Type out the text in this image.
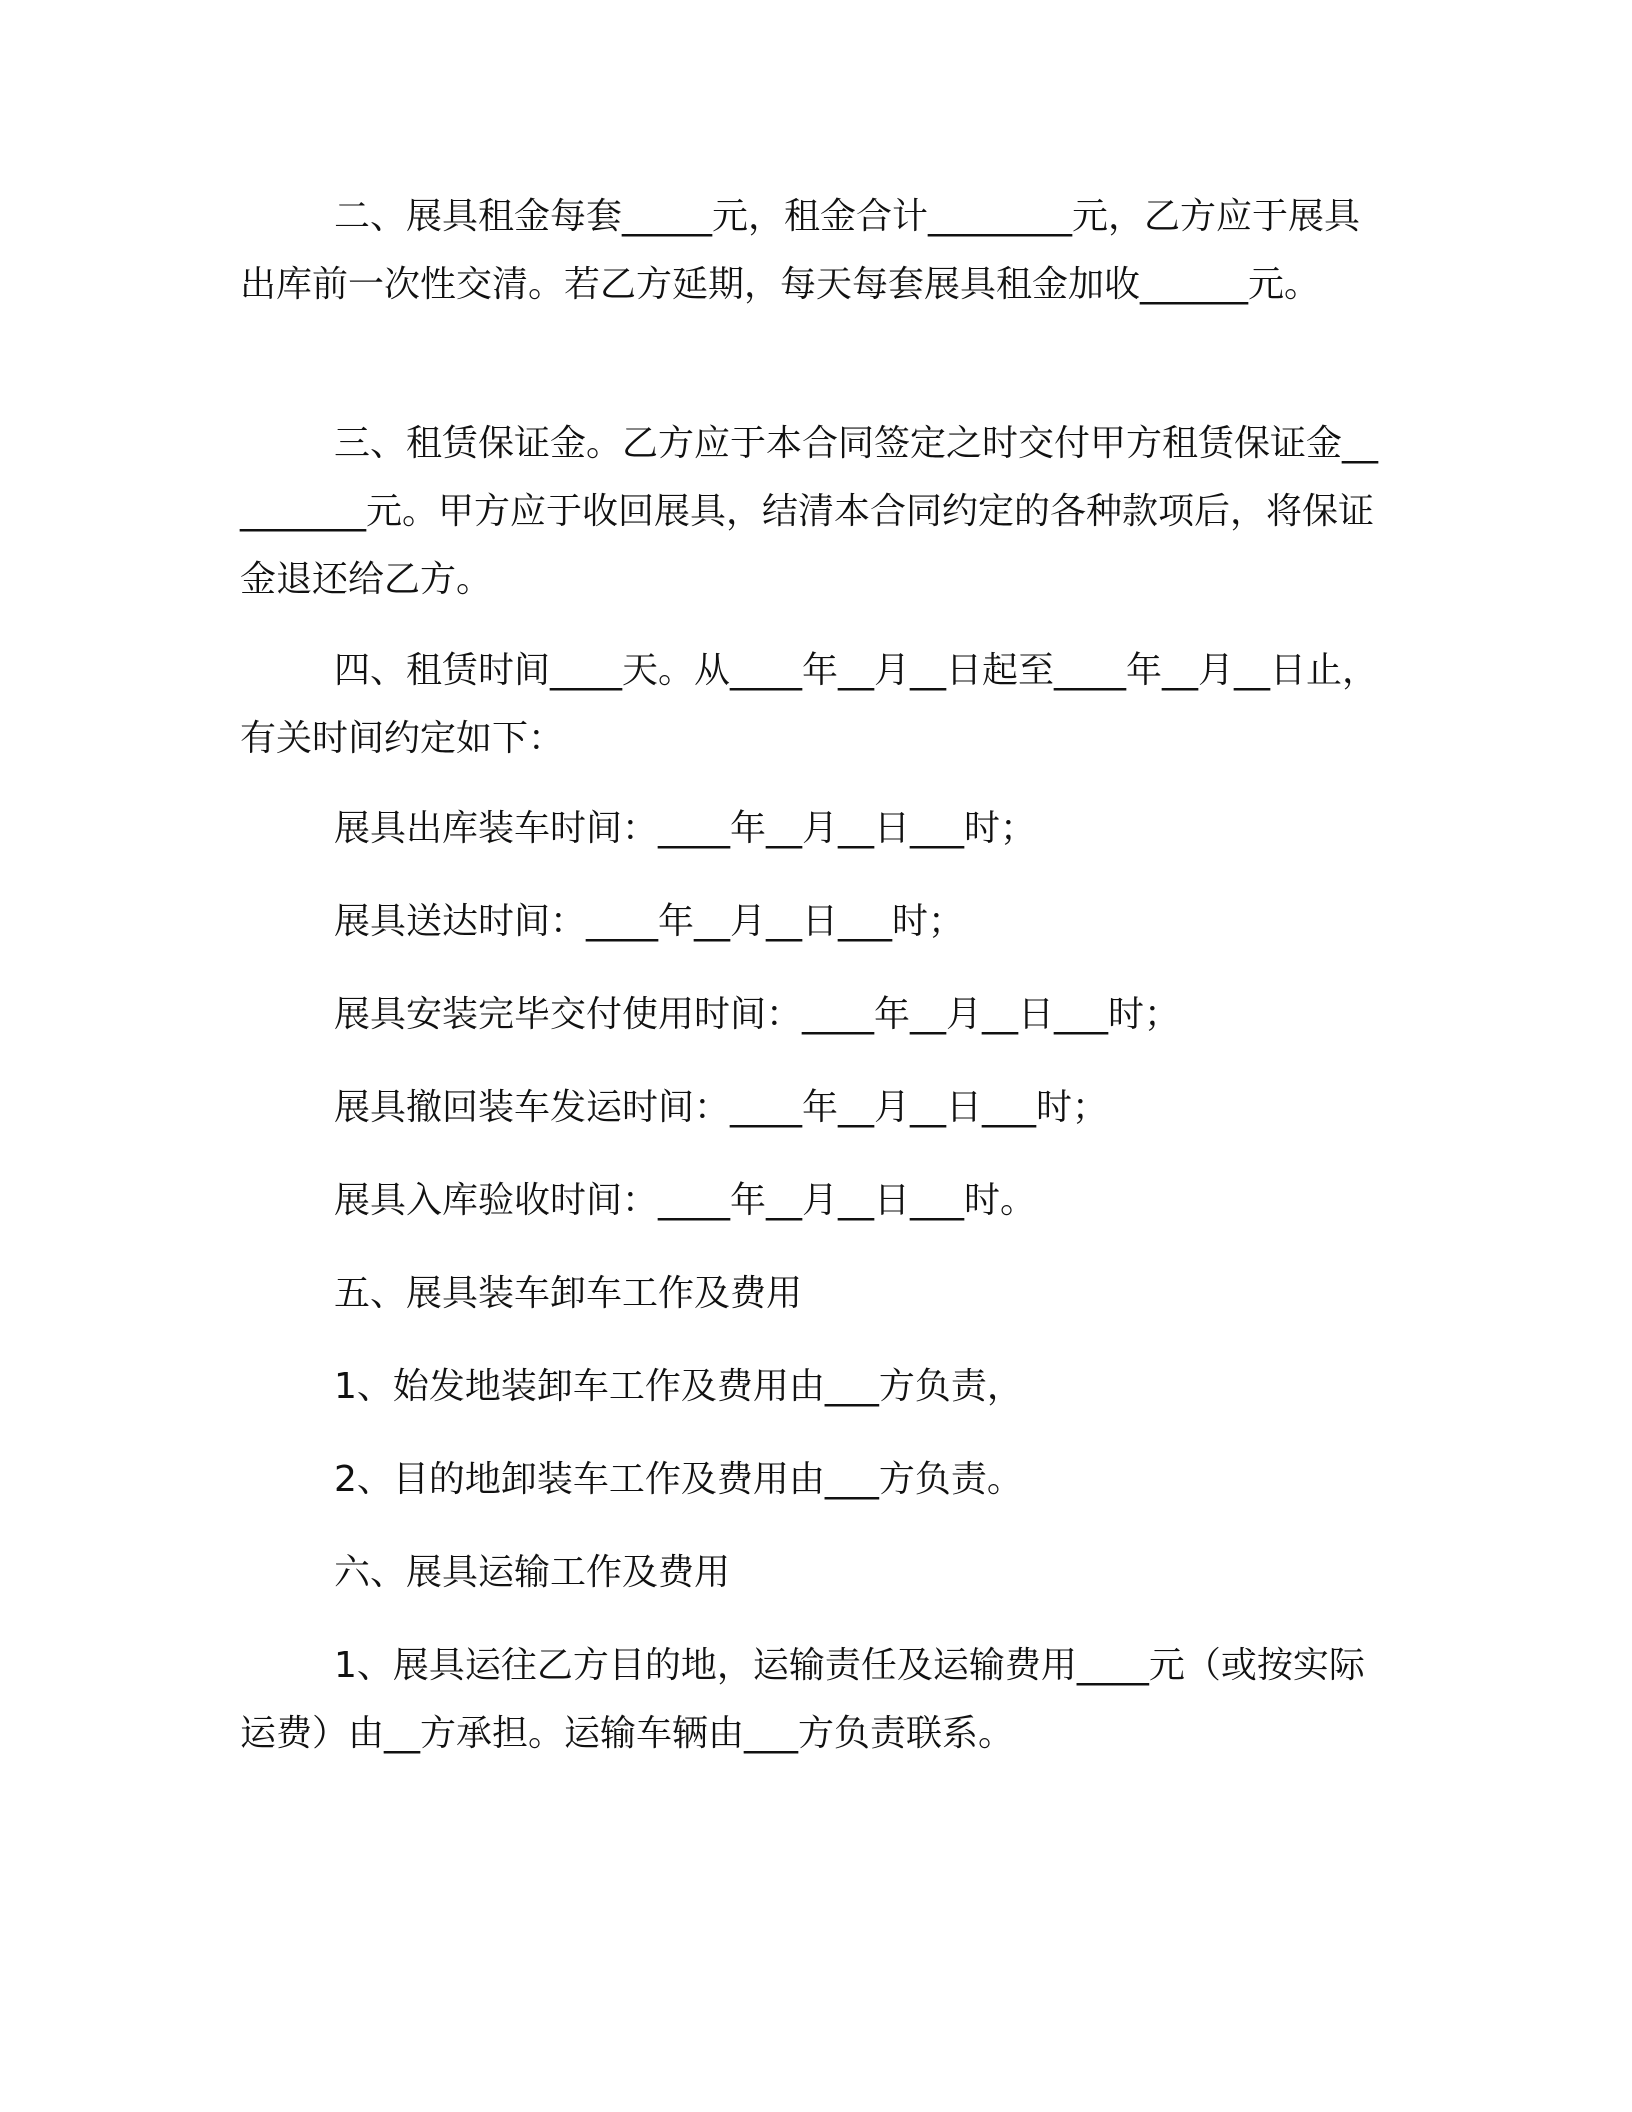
二、展具租金每套_____元，租金合计________元，乙方应于展具出库前一次性交清。若乙方延期，每天每套展具租金加收______元。

三、租赁保证金。乙方应于本合同签定之时交付甲方租赁保证金_________元。甲方应于收回展具，结清本合同约定的各种款项后，将保证金退还给乙方。

四、租赁时间____天。从____年__月__日起至____年__月__日止，有关时间约定如下：

展具出库装车时间：____年__月__日___时；

展具送达时间：____年__月__日___时；

展具安装完毕交付使用时间：____年__月__日___时；

展具撤回装车发运时间：____年__月__日___时；

展具入库验收时间：____年__月__日___时。

五、展具装车卸车工作及费用

1、始发地装卸车工作及费用由___方负责，

2、目的地卸装车工作及费用由___方负责。

六、展具运输工作及费用

1、展具运往乙方目的地，运输责任及运输费用____元（或按实际运费）由__方承担。运输车辆由___方负责联系。
